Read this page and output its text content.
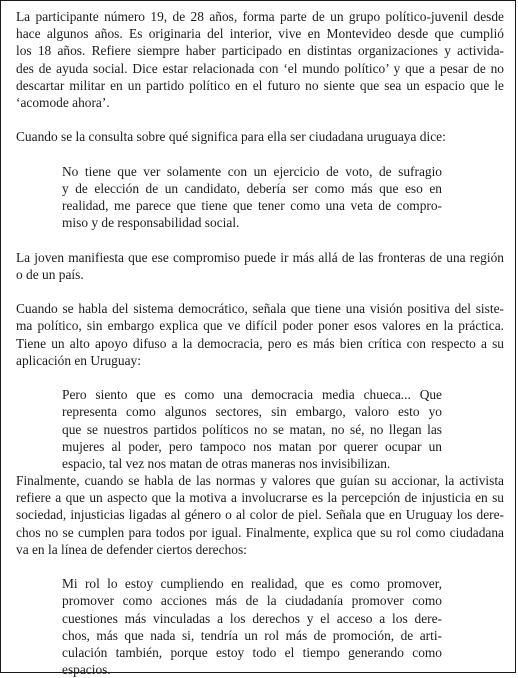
La participante número 19, de 28 años, forma parte de un grupo político-juvenil desde
hace algunos años. Es originaria del interior, vive en Montevideo desde que cumplió
los 18 años. Refiere siempre haber participado en distintas organizaciones y activida-
des de ayuda social. Dice estar relacionada con ‘el mundo político’ y que a pesar de no
descartar militar en un partido político en el futuro no siente que sea un espacio que le
‘acomode ahora’.
Cuando se la consulta sobre qué significa para ella ser ciudadana uruguaya dice:
No tiene que ver solamente con un ejercicio de voto, de sufragio
y de elección de un candidato, debería ser como más que eso en
realidad, me parece que tiene que tener como una veta de compro-
miso y de responsabilidad social.
La joven manifiesta que ese compromiso puede ir más allá de las fronteras de una región
o de un país.
Cuando se habla del sistema democrático, señala que tiene una visión positiva del siste-
ma político, sin embargo explica que ve difícil poder poner esos valores en la práctica.
Tiene un alto apoyo difuso a la democracia, pero es más bien crítica con respecto a su
aplicación en Uruguay:
Pero siento que es como una democracia media chueca... Que
representa como algunos sectores, sin embargo, valoro esto yo
que se nuestros partidos políticos no se matan, no sé, no llegan las
mujeres al poder, pero tampoco nos matan por querer ocupar un
espacio, tal vez nos matan de otras maneras nos invisibilizan.
Finalmente, cuando se habla de las normas y valores que guían su accionar, la activista
refiere a que un aspecto que la motiva a involucrarse es la percepción de injusticia en su
sociedad, injusticias ligadas al género o al color de piel. Señala que en Uruguay los dere-
chos no se cumplen para todos por igual. Finalmente, explica que su rol como ciudadana
va en la línea de defender ciertos derechos:
Mi rol lo estoy cumpliendo en realidad, que es como promover,
promover como acciones más de la ciudadanía promover como
cuestiones más vinculadas a los derechos y el acceso a los dere-
chos, más que nada si, tendría un rol más de promoción, de arti-
culación también, porque estoy todo el tiempo generando como
espacios.
